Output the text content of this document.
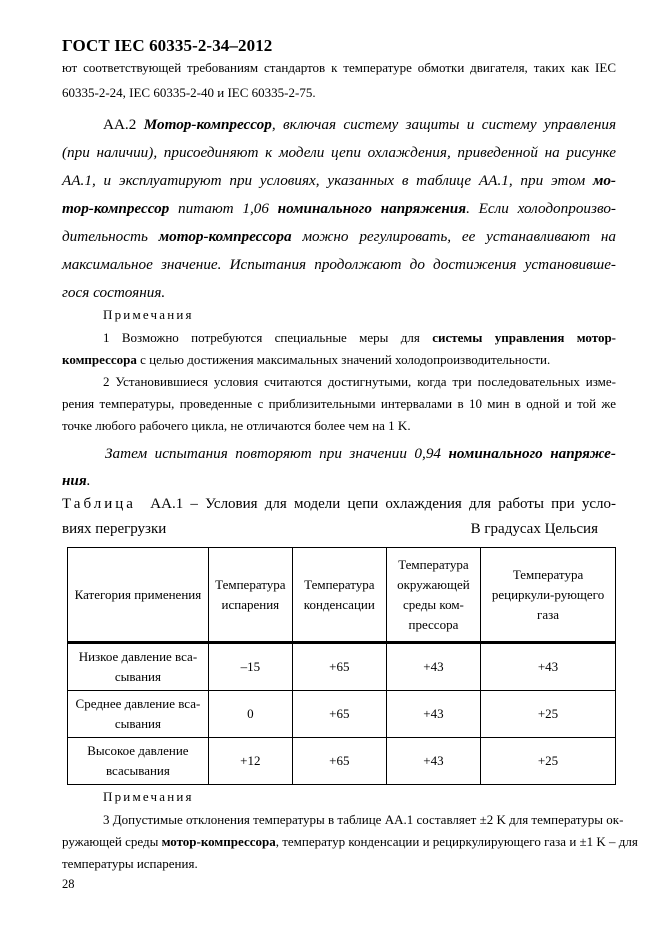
ГОСТ IEC 60335-2-34–2012
ют соответствующей требованиям стандартов к температуре обмотки двигателя, таких как IEC
60335-2-24, IEC 60335-2-40 и IEC 60335-2-75.
АА.2 Мотор-компрессор, включая систему защиты и систему управления
(при наличии), присоединяют к модели цепи охлаждения, приведенной на рисунке
АА.1, и эксплуатируют при условиях, указанных в таблице АА.1, при этом мо-
тор-компрессор питают 1,06 номинального напряжения. Если холодопроизво-
дительность мотор-компрессора можно регулировать, ее устанавливают на
максимальное значение. Испытания продолжают до достижения установивше-
гося состояния.
Примечания
1 Возможно потребуются специальные меры для системы управления мотор-
компрессора с целью достижения максимальных значений холодопроизводительности.
2 Установившиеся условия считаются достигнутыми, когда три последовательных изме-
рения температуры, проведенные с приблизительными интервалами в 10 мин в одной и той же
точке любого рабочего цикла, не отличаются более чем на 1 K.
Затем испытания повторяют при значении 0,94 номинального напряже-
ния.
Таблица АА.1 – Условия для модели цепи охлаждения для работы при усло-
виях перегрузки	В градусах Цельсия
Категория применения	Температура испарения	Температура конденсации	Температура окружающей среды ком-прессора	Температура рециркули-рующего газа
Низкое давление вса-сывания	–15	+65	+43	+43
Среднее давление вса-сывания	0	+65	+43	+25
Высокое давление всасывания	+12	+65	+43	+25
Примечания
3 Допустимые отклонения температуры в таблице АА.1 составляет ±2 K для температуры ок-
ружающей среды мотор-компрессора, температур конденсации и рециркулирующего газа и ±1 K – для
температуры испарения.
28
